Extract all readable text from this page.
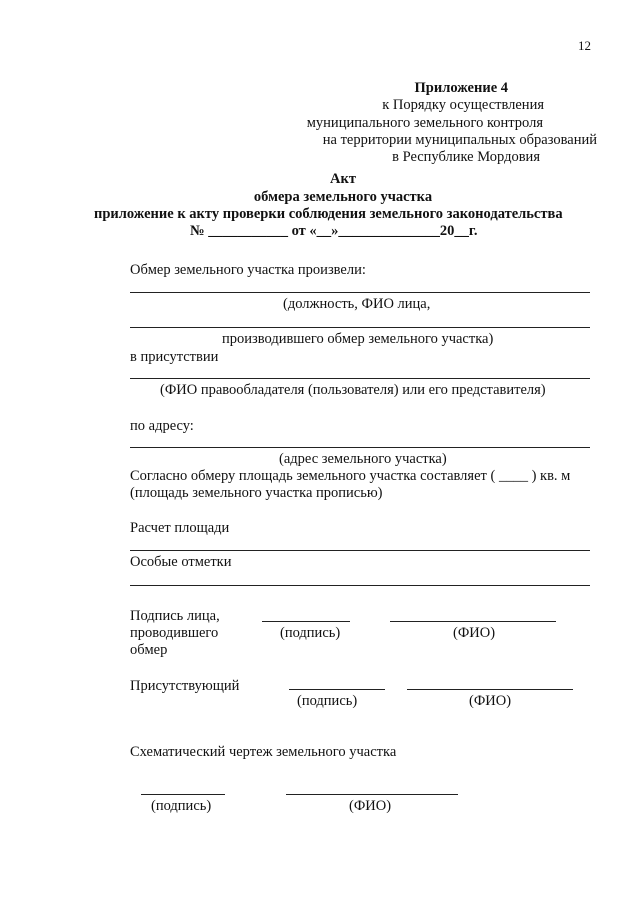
12
Приложение 4
к Порядку осуществления
муниципального земельного контроля
на территории муниципальных образований
в Республике Мордовия
Акт
обмера земельного участка
приложение к акту проверки соблюдения земельного законодательства
№ ___________ от «__»______________20__г.
Обмер земельного участка произвели:
(должность, ФИО лица,
производившего обмер земельного участка)
в присутствии
(ФИО правообладателя (пользователя) или его представителя)
по адресу:
(адрес земельного участка)
Согласно обмеру площадь земельного участка составляет ( ____ ) кв. м
(площадь земельного участка прописью)
Расчет площади
Особые отметки
Подпись лица,
проводившего
обмер
(подпись)	(ФИО)
Присутствующий
(подпись)	(ФИО)
Схематический чертеж земельного участка
(подпись)	(ФИО)
